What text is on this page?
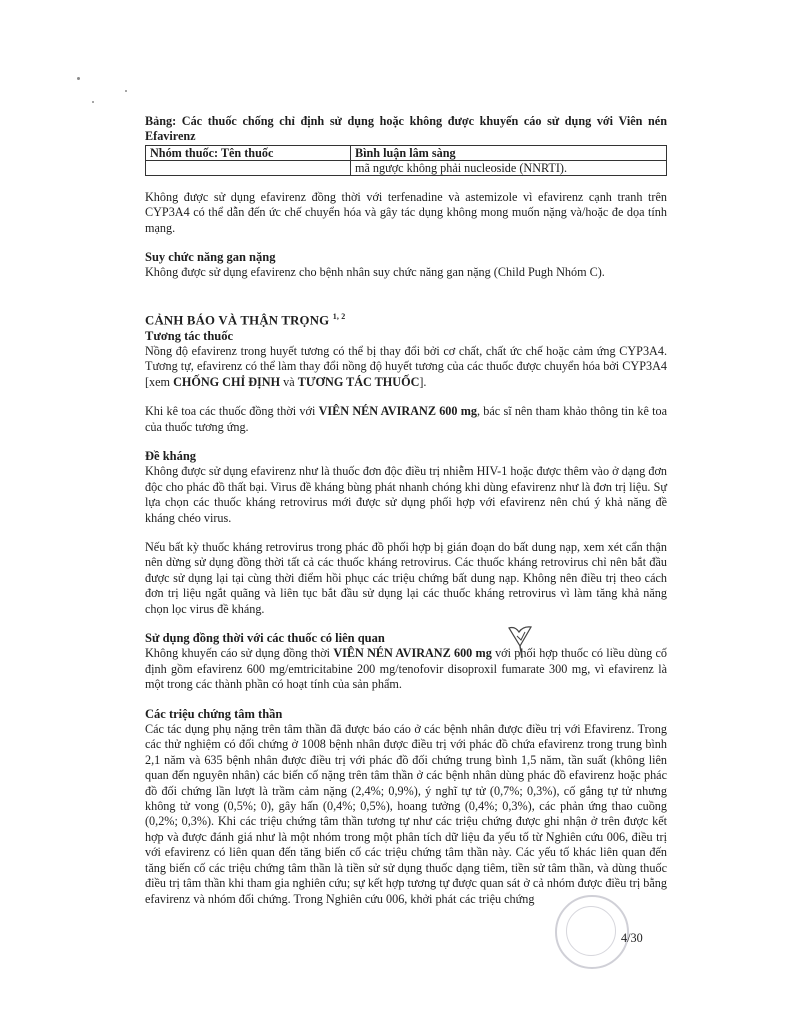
Bảng: Các thuốc chống chỉ định sử dụng hoặc không được khuyến cáo sử dụng với Viên nén Efavirenz

Nhóm thuốc: Tên thuốc	Bình luận lâm sàng
	mã ngược không phải nucleoside (NNRTI).

Không được sử dụng efavirenz đồng thời với terfenadine và astemizole vì efavirenz cạnh tranh trên CYP3A4 có thể dẫn đến ức chế chuyển hóa và gây tác dụng không mong muốn nặng và/hoặc đe dọa tính mạng.

Suy chức năng gan nặng

Không được sử dụng efavirenz cho bệnh nhân suy chức năng gan nặng (Child Pugh Nhóm C).

CẢNH BÁO VÀ THẬN TRỌNG $^{1, 2}$
Tương tác thuốc

Nồng độ efavirenz trong huyết tương có thể bị thay đổi bởi cơ chất, chất ức chế hoặc cảm ứng CYP3A4. Tương tự, efavirenz có thể làm thay đổi nồng độ huyết tương của các thuốc được chuyển hóa bởi CYP3A4 [xem CHỐNG CHỈ ĐỊNH và TƯƠNG TÁC THUỐC].

Khi kê toa các thuốc đồng thời với VIÊN NÉN AVIRANZ 600 mg, bác sĩ nên tham khảo thông tin kê toa của thuốc tương ứng.

Đề kháng

Không được sử dụng efavirenz như là thuốc đơn độc điều trị nhiễm HIV-1 hoặc được thêm vào ở dạng đơn độc cho phác đồ thất bại. Virus đề kháng bùng phát nhanh chóng khi dùng efavirenz như là đơn trị liệu. Sự lựa chọn các thuốc kháng retrovirus mới được sử dụng phối hợp với efavirenz nên chú ý khả năng đề kháng chéo virus.

Nếu bất kỳ thuốc kháng retrovirus trong phác đồ phối hợp bị gián đoạn do bất dung nạp, xem xét cẩn thận nên dừng sử dụng đồng thời tất cả các thuốc kháng retrovirus. Các thuốc kháng retrovirus chỉ nên bắt đầu được sử dụng lại tại cùng thời điểm hồi phục các triệu chứng bất dung nạp. Không nên điều trị theo cách đơn trị liệu ngắt quãng và liên tục bắt đầu sử dụng lại các thuốc kháng retrovirus vì làm tăng khả năng chọn lọc virus đề kháng.

Sử dụng đồng thời với các thuốc có liên quan

Không khuyến cáo sử dụng đồng thời VIÊN NÉN AVIRANZ 600 mg với phối hợp thuốc có liều dùng cố định gồm efavirenz 600 mg/emtricitabine 200 mg/tenofovir disoproxil fumarate 300 mg, vì efavirenz là một trong các thành phần có hoạt tính của sản phẩm.

Các triệu chứng tâm thần

Các tác dụng phụ nặng trên tâm thần đã được báo cáo ở các bệnh nhân được điều trị với Efavirenz. Trong các thử nghiệm có đối chứng ở 1008 bệnh nhân được điều trị với phác đồ chứa efavirenz trong trung bình 2,1 năm và 635 bệnh nhân được điều trị với phác đồ đối chứng trung bình 1,5 năm, tần suất (không liên quan đến nguyên nhân) các biến cố nặng trên tâm thần ở các bệnh nhân dùng phác đồ efavirenz hoặc phác đồ đối chứng lần lượt là trầm cảm nặng (2,4%; 0,9%), ý nghĩ tự tử (0,7%; 0,3%), cố gắng tự tử nhưng không tử vong (0,5%; 0), gây hấn (0,4%; 0,5%), hoang tưởng (0,4%; 0,3%), các phản ứng thao cuồng (0,2%; 0,3%). Khi các triệu chứng tâm thần tương tự như các triệu chứng được ghi nhận ở trên được kết hợp và được đánh giá như là một nhóm trong một phân tích dữ liệu đa yếu tố từ Nghiên cứu 006, điều trị với efavirenz có liên quan đến tăng biến cố các triệu chứng tâm thần này. Các yếu tố khác liên quan đến tăng biến cố các triệu chứng tâm thần là tiền sử sử dụng thuốc dạng tiêm, tiền sử tâm thần, và dùng thuốc điều trị tâm thần khi tham gia nghiên cứu; sự kết hợp tương tự được quan sát ở cả nhóm được điều trị bằng efavirenz và nhóm đối chứng. Trong Nghiên cứu 006, khởi phát các triệu chứng

4/30
